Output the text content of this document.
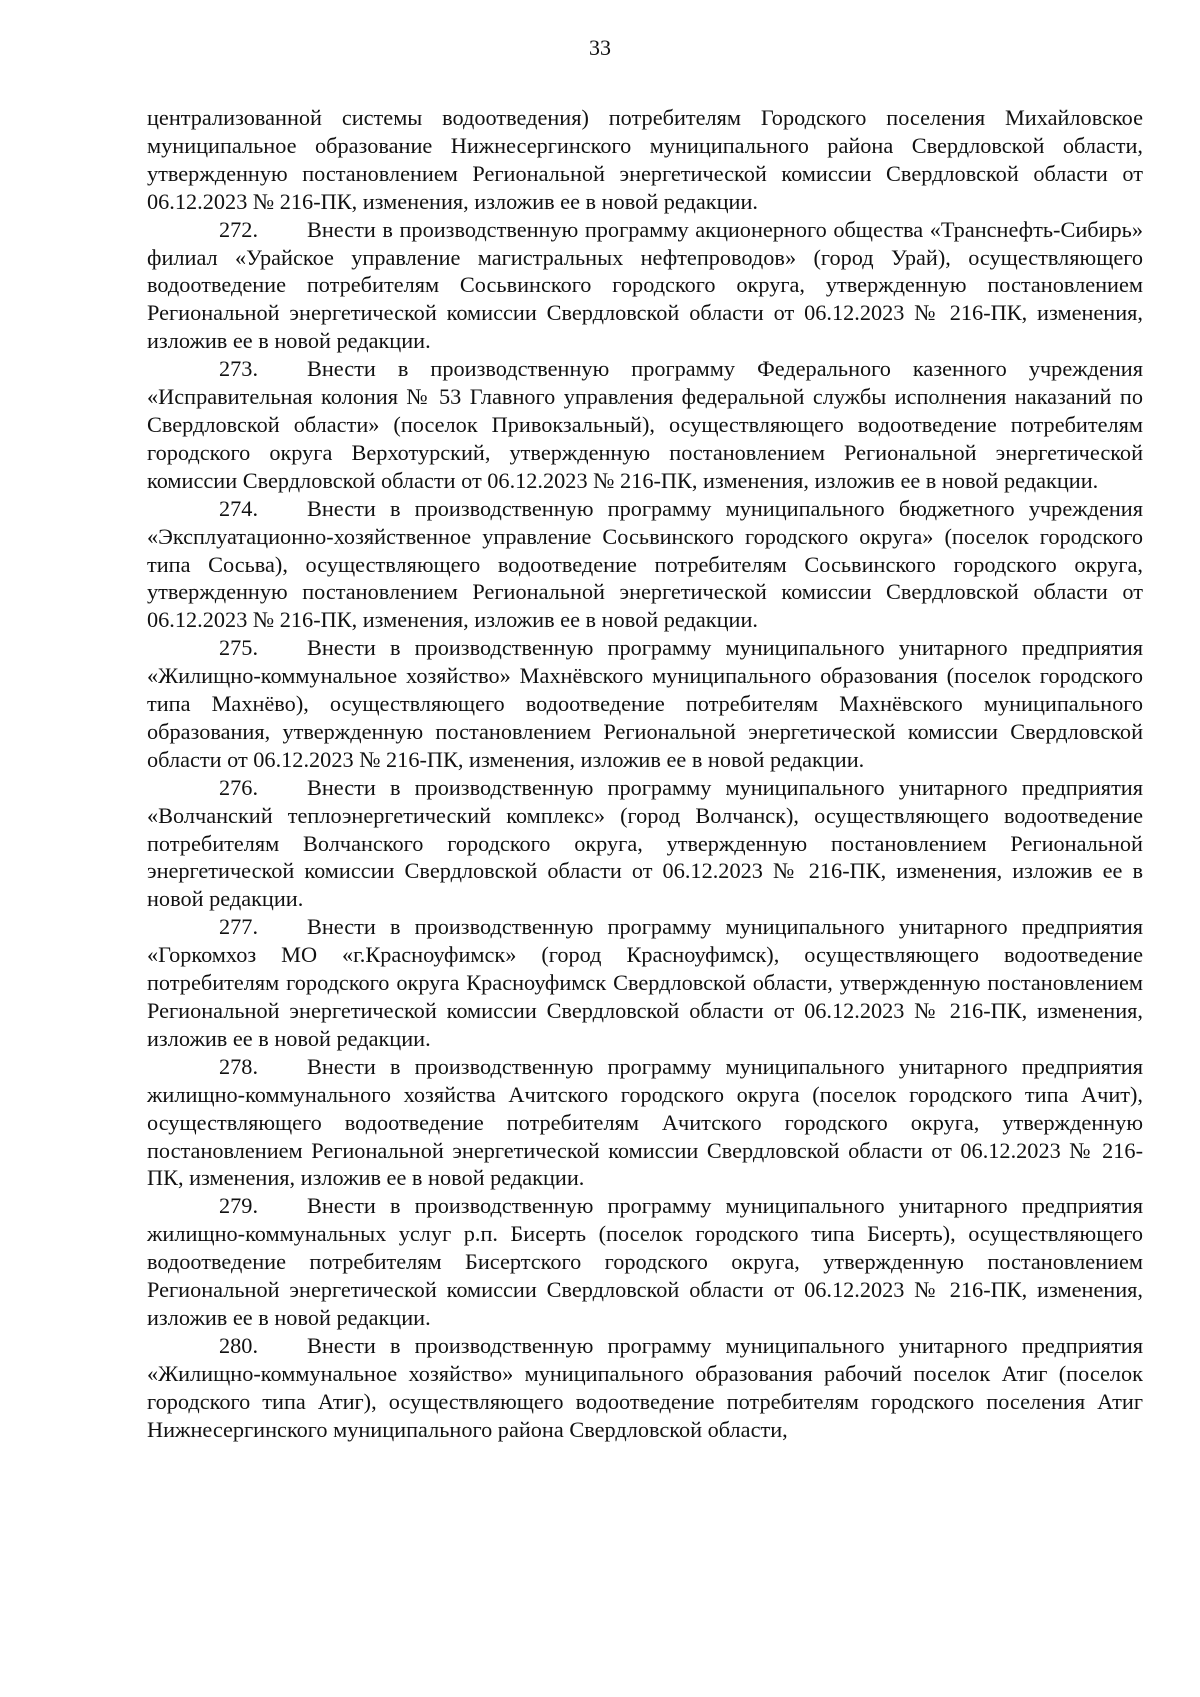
33

централизованной системы водоотведения) потребителям Городского поселения Михайловское муниципальное образование Нижнесергинского муниципального района Свердловской области, утвержденную постановлением Региональной энергетической комиссии Свердловской области от 06.12.2023 № 216-ПК, изменения, изложив ее в новой редакции.

272. Внести в производственную программу акционерного общества «Транснефть-Сибирь» филиал «Урайское управление магистральных нефтепроводов» (город Урай), осуществляющего водоотведение потребителям Сосьвинского городского округа, утвержденную постановлением Региональной энергетической комиссии Свердловской области от 06.12.2023 № 216-ПК, изменения, изложив ее в новой редакции.

273. Внести в производственную программу Федерального казенного учреждения «Исправительная колония № 53 Главного управления федеральной службы исполнения наказаний по Свердловской области» (поселок Привокзальный), осуществляющего водоотведение потребителям городского округа Верхотурский, утвержденную постановлением Региональной энергетической комиссии Свердловской области от 06.12.2023 № 216-ПК, изменения, изложив ее в новой редакции.

274. Внести в производственную программу муниципального бюджетного учреждения «Эксплуатационно-хозяйственное управление Сосьвинского городского округа» (поселок городского типа Сосьва), осуществляющего водоотведение потребителям Сосьвинского городского округа, утвержденную постановлением Региональной энергетической комиссии Свердловской области от 06.12.2023 № 216-ПК, изменения, изложив ее в новой редакции.

275. Внести в производственную программу муниципального унитарного предприятия «Жилищно-коммунальное хозяйство» Махнёвского муниципального образования (поселок городского типа Махнёво), осуществляющего водоотведение потребителям Махнёвского муниципального образования, утвержденную постановлением Региональной энергетической комиссии Свердловской области от 06.12.2023 № 216-ПК, изменения, изложив ее в новой редакции.

276. Внести в производственную программу муниципального унитарного предприятия «Волчанский теплоэнергетический комплекс» (город Волчанск), осуществляющего водоотведение потребителям Волчанского городского округа, утвержденную постановлением Региональной энергетической комиссии Свердловской области от 06.12.2023 № 216-ПК, изменения, изложив ее в новой редакции.

277. Внести в производственную программу муниципального унитарного предприятия «Горкомхоз МО «г.Красноуфимск» (город Красноуфимск), осуществляющего водоотведение потребителям городского округа Красноуфимск Свердловской области, утвержденную постановлением Региональной энергетической комиссии Свердловской области от 06.12.2023 № 216-ПК, изменения, изложив ее в новой редакции.

278. Внести в производственную программу муниципального унитарного предприятия жилищно-коммунального хозяйства Ачитского городского округа (поселок городского типа Ачит), осуществляющего водоотведение потребителям Ачитского городского округа, утвержденную постановлением Региональной энергетической комиссии Свердловской области от 06.12.2023 № 216-ПК, изменения, изложив ее в новой редакции.

279. Внести в производственную программу муниципального унитарного предприятия жилищно-коммунальных услуг р.п. Бисерть (поселок городского типа Бисерть), осуществляющего водоотведение потребителям Бисертского городского округа, утвержденную постановлением Региональной энергетической комиссии Свердловской области от 06.12.2023 № 216-ПК, изменения, изложив ее в новой редакции.

280. Внести в производственную программу муниципального унитарного предприятия «Жилищно-коммунальное хозяйство» муниципального образования рабочий поселок Атиг (поселок городского типа Атиг), осуществляющего водоотведение потребителям городского поселения Атиг Нижнесергинского муниципального района Свердловской области,
